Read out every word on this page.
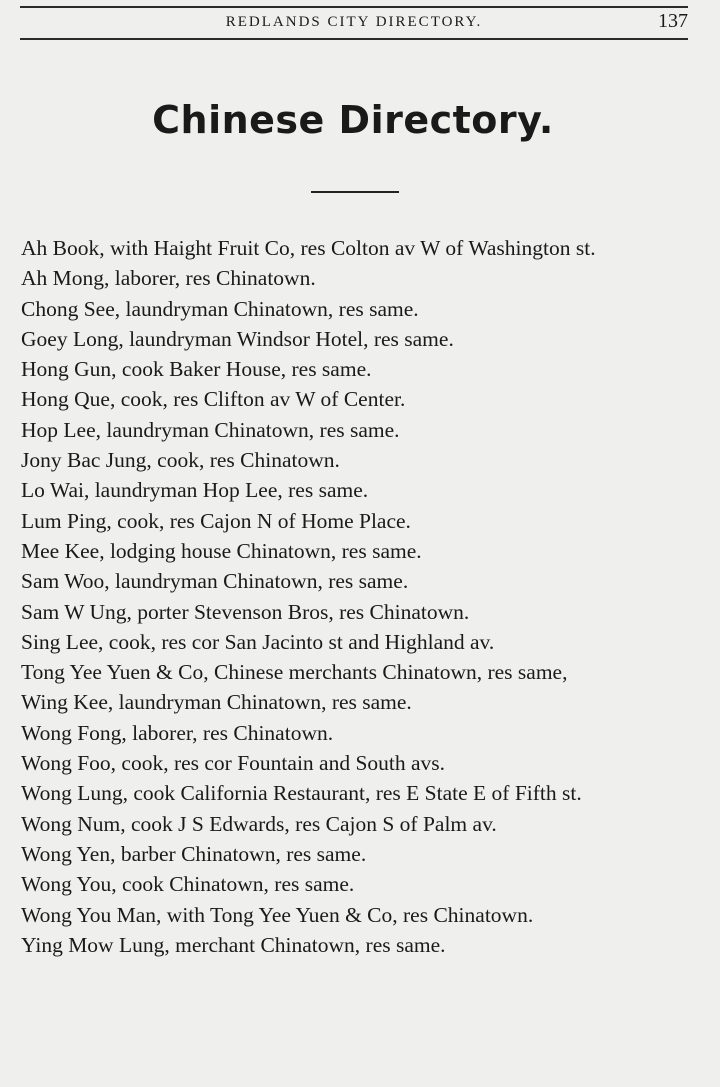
REDLANDS CITY DIRECTORY.	137
Chinese Directory.
Ah Book, with Haight Fruit Co, res Colton av W of Washington st.
Ah Mong, laborer, res Chinatown.
Chong See, laundryman Chinatown, res same.
Goey Long, laundryman Windsor Hotel, res same.
Hong Gun, cook Baker House, res same.
Hong Que, cook, res Clifton av W of Center.
Hop Lee, laundryman Chinatown, res same.
Jony Bac Jung, cook, res Chinatown.
Lo Wai, laundryman Hop Lee, res same.
Lum Ping, cook, res Cajon N of Home Place.
Mee Kee, lodging house Chinatown, res same.
Sam Woo, laundryman Chinatown, res same.
Sam W Ung, porter Stevenson Bros, res Chinatown.
Sing Lee, cook, res cor San Jacinto st and Highland av.
Tong Yee Yuen & Co, Chinese merchants Chinatown, res same,
Wing Kee, laundryman Chinatown, res same.
Wong Fong, laborer, res Chinatown.
Wong Foo, cook, res cor Fountain and South avs.
Wong Lung, cook California Restaurant, res E State E of Fifth st.
Wong Num, cook J S Edwards, res Cajon S of Palm av.
Wong Yen, barber Chinatown, res same.
Wong You, cook Chinatown, res same.
Wong You Man, with Tong Yee Yuen & Co, res Chinatown.
Ying Mow Lung, merchant Chinatown, res same.
